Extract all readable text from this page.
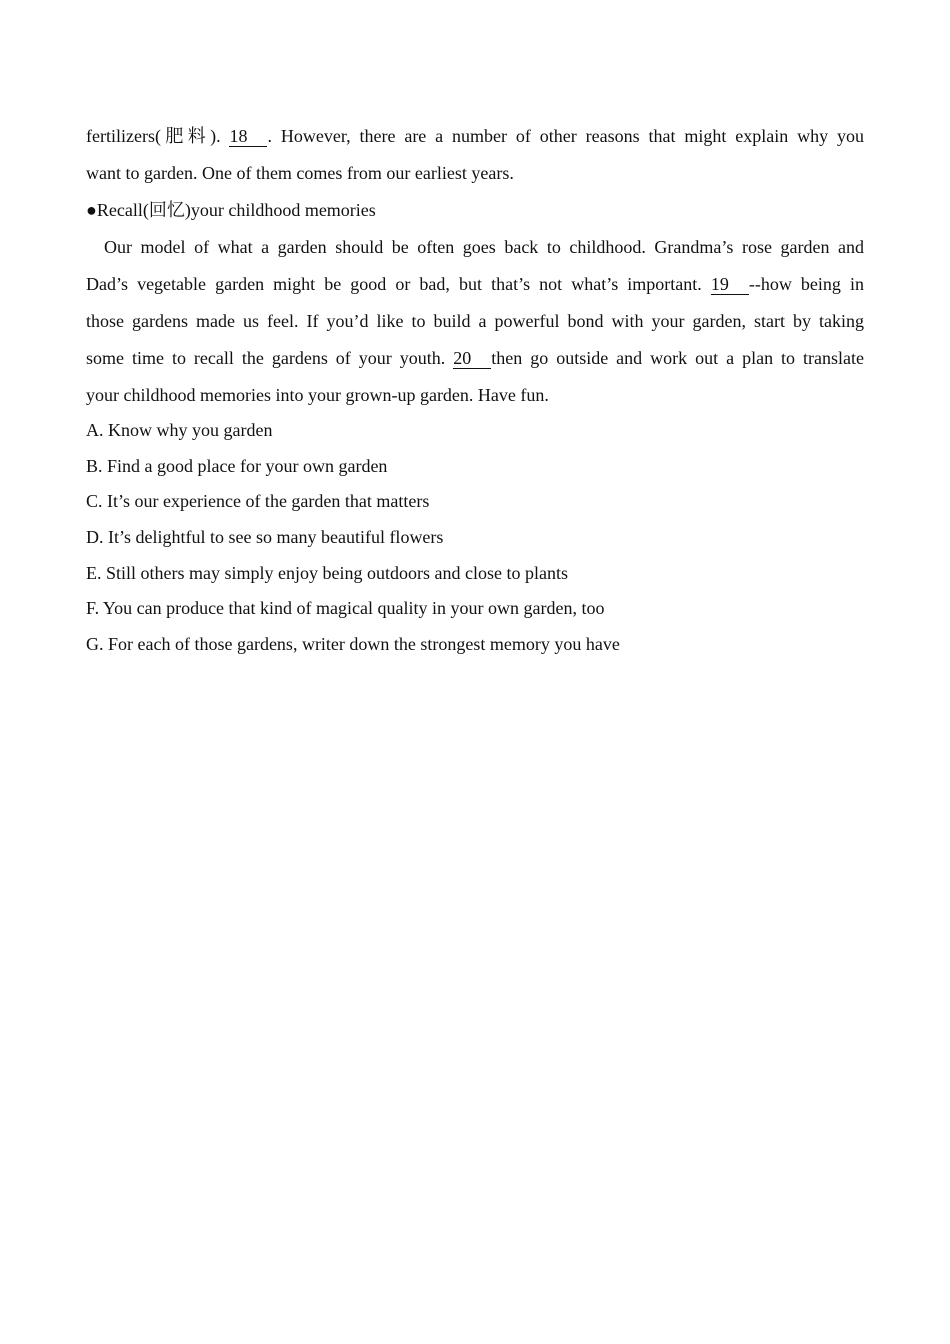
fertilizers(肥料). 18 . However, there are a number of other reasons that might explain why you
want to garden. One of them comes from our earliest years.
●Recall(回忆)your childhood memories
Our model of what a garden should be often goes back to childhood. Grandma’s rose garden and
Dad’s vegetable garden might be good or bad, but that’s not what’s important. 19 --how being in
those gardens made us feel. If you’d like to build a powerful bond with your garden, start by taking
some time to recall the gardens of your youth. 20 then go outside and work out a plan to translate
your childhood memories into your grown-up garden. Have fun.
A. Know why you garden
B. Find a good place for your own garden
C. It’s our experience of the garden that matters
D. It’s delightful to see so many beautiful flowers
E. Still others may simply enjoy being outdoors and close to plants
F. You can produce that kind of magical quality in your own garden, too
G. For each of those gardens, writer down the strongest memory you have
